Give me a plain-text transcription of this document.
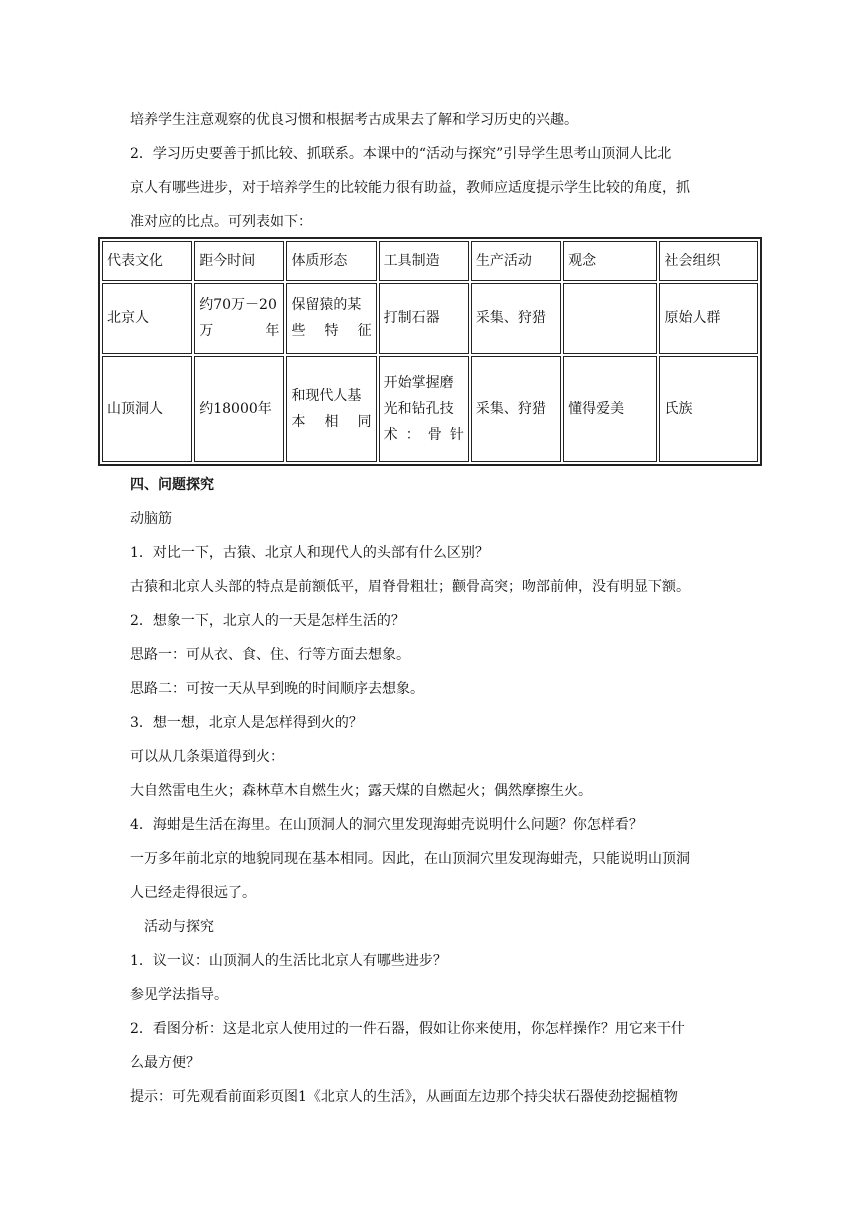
培养学生注意观察的优良习惯和根据考古成果去了解和学习历史的兴趣。
2．学习历史要善于抓比较、抓联系。本课中的“活动与探究”引导学生思考山顶洞人比北
京人有哪些进步，对于培养学生的比较能力很有助益，教师应适度提示学生比较的角度，抓
准对应的比点。可列表如下：
代表文化	距今时间	体质形态	工具制造	生产活动	观念	社会组织
北京人	约70万－20万年	保留猿的某些特征	打制石器	采集、狩猎		原始人群
山顶洞人	约18000年	和现代人基本相同	开始掌握磨光和钻孔技术：骨针	采集、狩猎	懂得爱美	氏族
四、问题探究
动脑筋
1．对比一下，古猿、北京人和现代人的头部有什么区别？
古猿和北京人头部的特点是前额低平，眉脊骨粗壮；颧骨高突；吻部前伸，没有明显下额。
2．想象一下，北京人的一天是怎样生活的？
思路一：可从衣、食、住、行等方面去想象。
思路二：可按一天从早到晚的时间顺序去想象。
3．想一想，北京人是怎样得到火的？
可以从几条渠道得到火：
大自然雷电生火；森林草木自燃生火；露天煤的自燃起火；偶然摩擦生火。
4．海蚶是生活在海里。在山顶洞人的洞穴里发现海蚶壳说明什么问题？你怎样看？
一万多年前北京的地貌同现在基本相同。因此，在山顶洞穴里发现海蚶壳，只能说明山顶洞
人已经走得很远了。
活动与探究
1．议一议：山顶洞人的生活比北京人有哪些进步？
参见学法指导。
2．看图分析：这是北京人使用过的一件石器，假如让你来使用，你怎样操作？用它来干什
么最方便？
提示：可先观看前面彩页图1《北京人的生活》，从画面左边那个持尖状石器使劲挖掘植物
